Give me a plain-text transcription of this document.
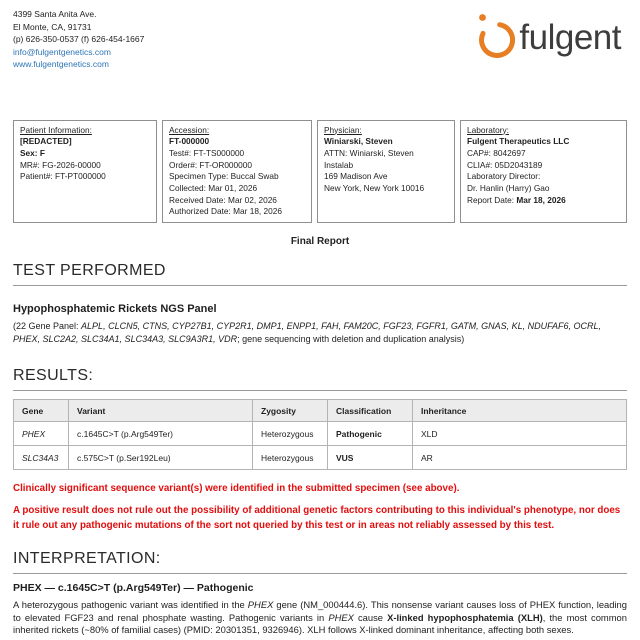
4399 Santa Anita Ave.
El Monte, CA, 91731
(p) 626-350-0537 (f) 626-454-1667
info@fulgentgenetics.com
www.fulgentgenetics.com
fulgent
Patient Information:
[REDACTED]
Sex: F
MR#: FG-2026-00000
Patient#: FT-PT000000
Accession:
FT-000000
Test#: FT-TS000000
Order#: FT-OR000000
Specimen Type: Buccal Swab
Collected: Mar 01, 2026
Received Date: Mar 02, 2026
Authorized Date: Mar 18, 2026
Physician:
Winiarski, Steven
ATTN: Winiarski, Steven
Instalab
169 Madison Ave
New York, New York 10016
Laboratory:
Fulgent Therapeutics LLC
CAP#: 8042697
CLIA#: 05D2043189
Laboratory Director:
Dr. Hanlin (Harry) Gao
Report Date: Mar 18, 2026
Final Report
TEST PERFORMED
Hypophosphatemic Rickets NGS Panel
(22 Gene Panel: ALPL, CLCN5, CTNS, CYP27B1, CYP2R1, DMP1, ENPP1, FAH, FAM20C, FGF23, FGFR1, GATM, GNAS, KL, NDUFAF6, OCRL, PHEX, SLC2A2, SLC34A1, SLC34A3, SLC9A3R1, VDR; gene sequencing with deletion and duplication analysis)
RESULTS:
Gene	Variant	Zygosity	Classification	Inheritance
PHEX	c.1645C>T (p.Arg549Ter)	Heterozygous	Pathogenic	XLD
SLC34A3	c.575C>T (p.Ser192Leu)	Heterozygous	VUS	AR
Clinically significant sequence variant(s) were identified in the submitted specimen (see above).
A positive result does not rule out the possibility of additional genetic factors contributing to this individual's phenotype, nor does it rule out any pathogenic mutations of the sort not queried by this test or in areas not reliably assessed by this test.
INTERPRETATION:
PHEX — c.1645C>T (p.Arg549Ter) — Pathogenic
A heterozygous pathogenic variant was identified in the PHEX gene (NM_000444.6). This nonsense variant causes loss of PHEX function, leading to elevated FGF23 and renal phosphate wasting. Pathogenic variants in PHEX cause X-linked hypophosphatemia (XLH), the most common inherited rickets (~80% of familial cases) (PMID: 20301351, 9326946). XLH follows X-linked dominant inheritance, affecting both sexes.
